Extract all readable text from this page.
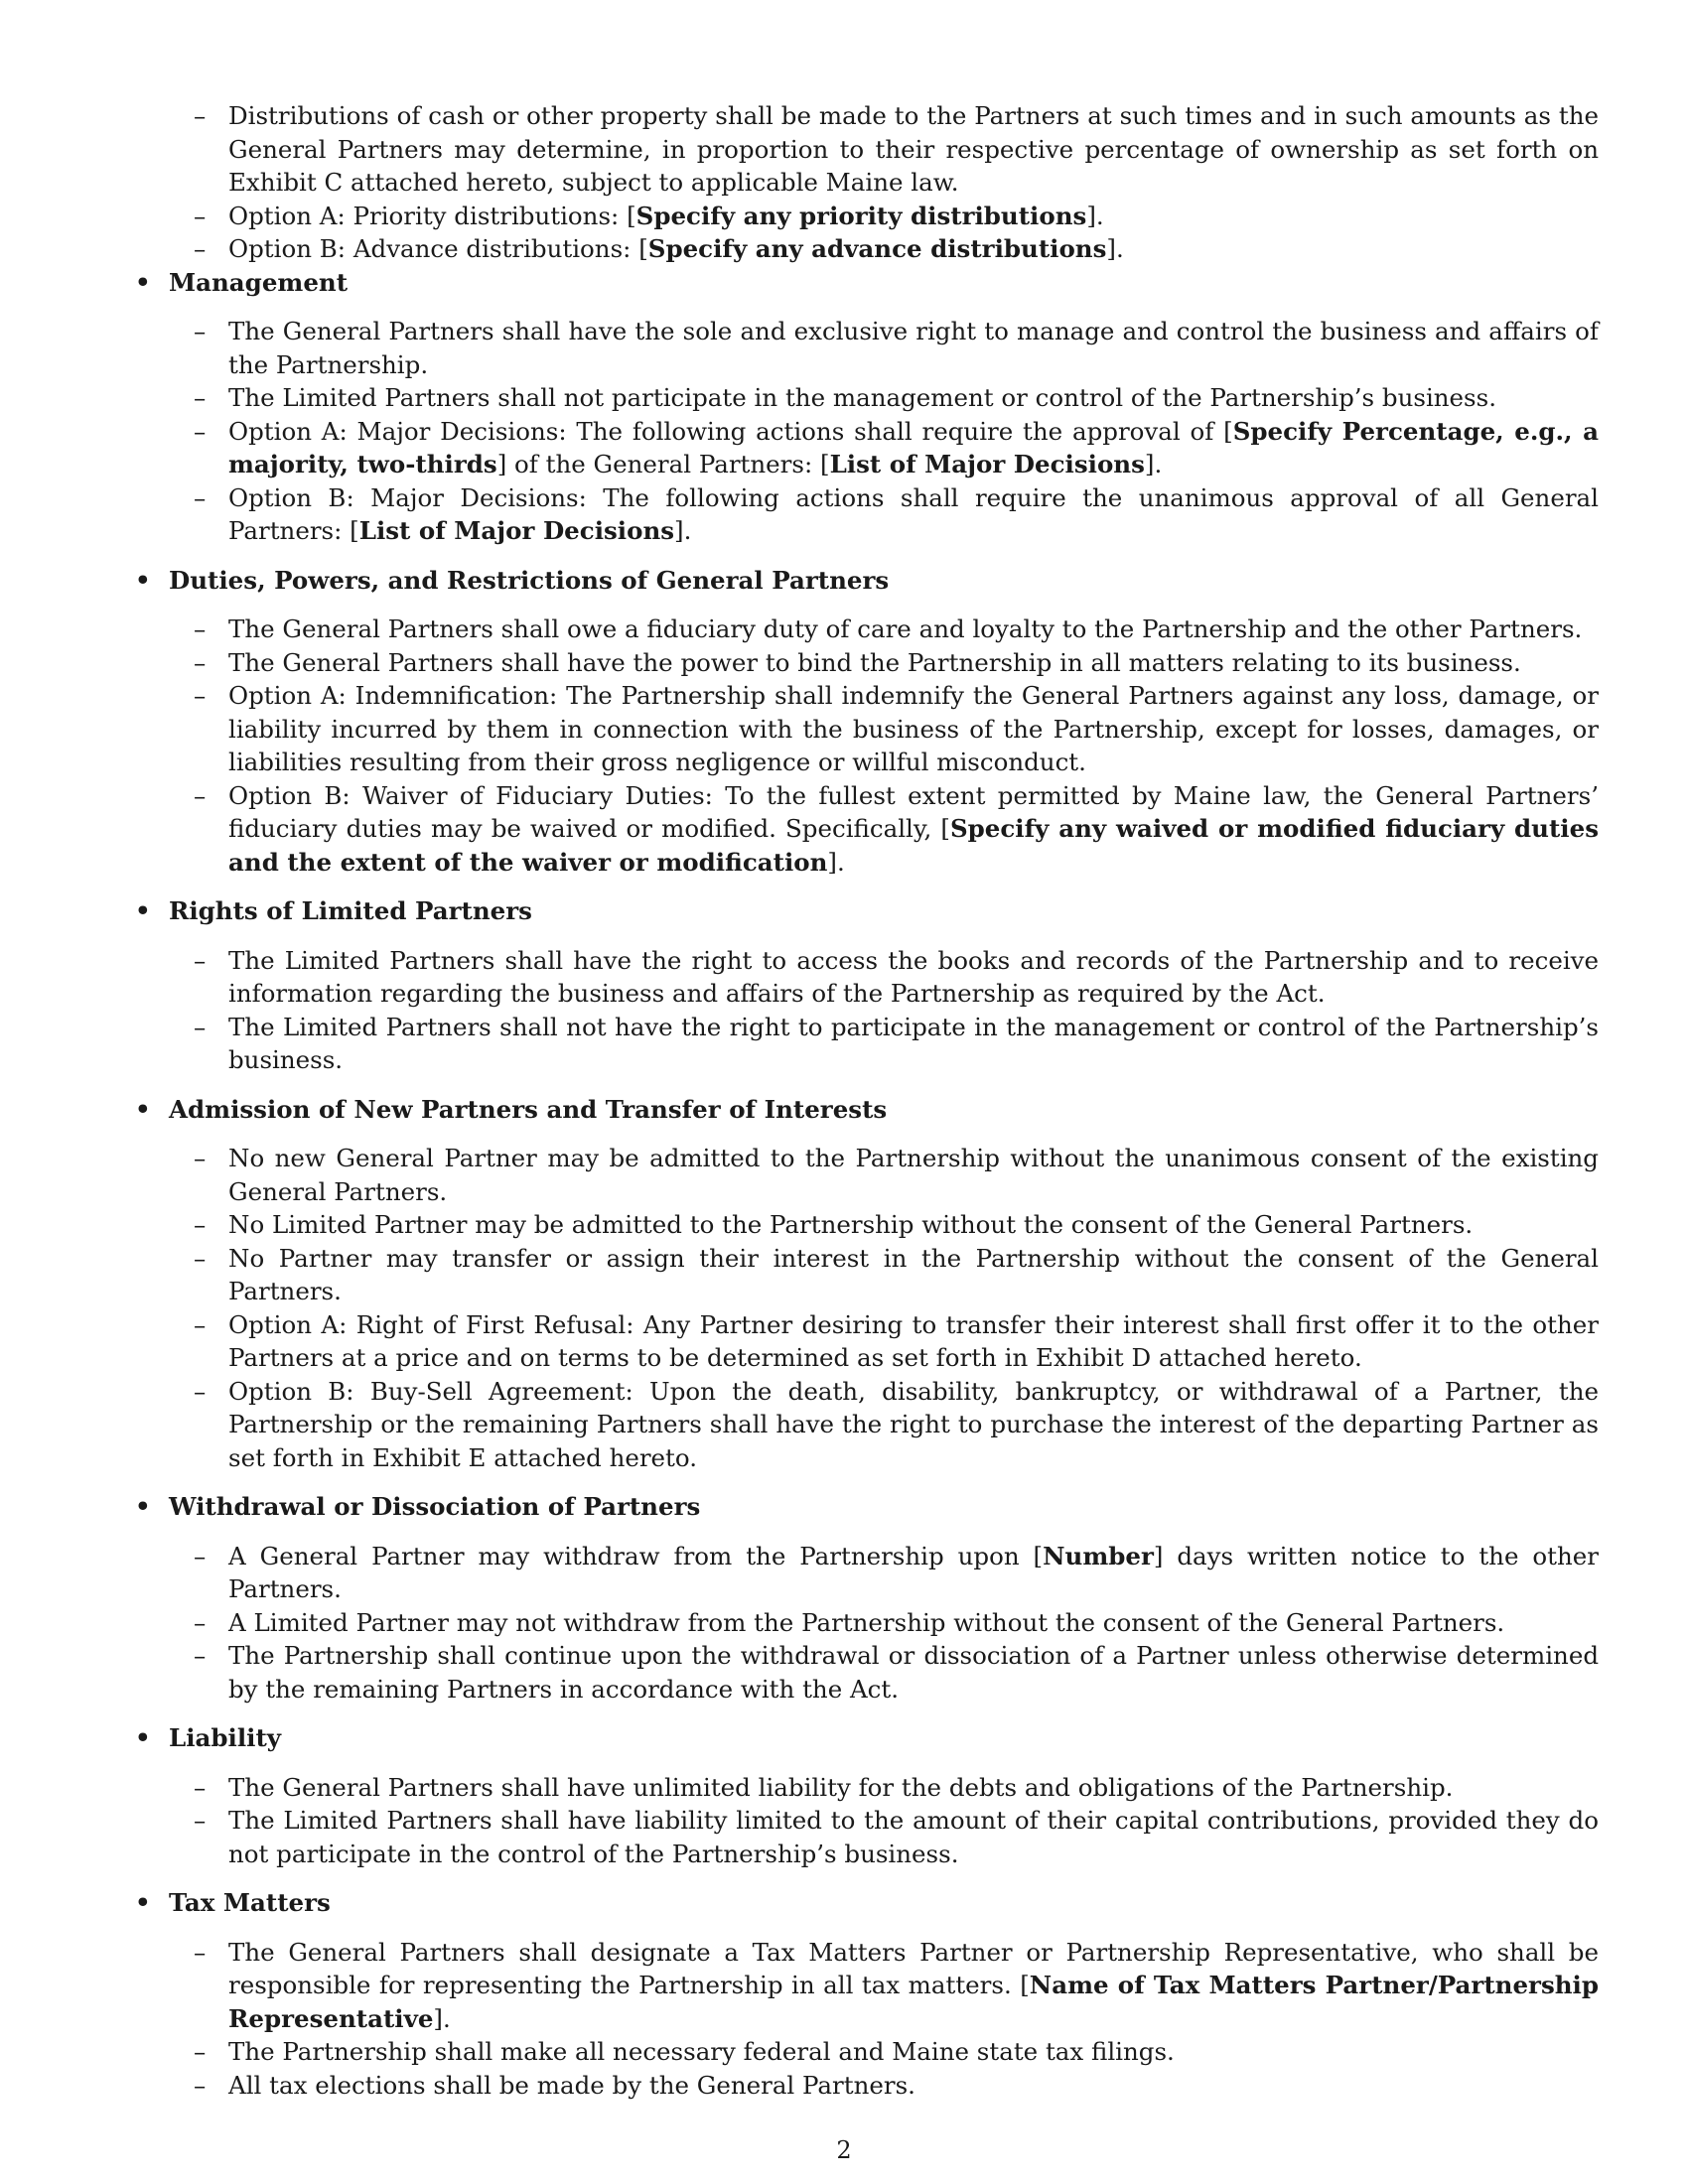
– Distributions of cash or other property shall be made to the Partners at such times and in such amounts as the General Partners may determine, in proportion to their respective percentage of ownership as set forth on Exhibit C attached hereto, subject to applicable Maine law.
– Option A: Priority distributions: [Specify any priority distributions].
– Option B: Advance distributions: [Specify any advance distributions].
• Management
– The General Partners shall have the sole and exclusive right to manage and control the business and affairs of the Partnership.
– The Limited Partners shall not participate in the management or control of the Partnership’s business.
– Option A: Major Decisions: The following actions shall require the approval of [Specify Percentage, e.g., a majority, two-thirds] of the General Partners: [List of Major Decisions].
– Option B: Major Decisions: The following actions shall require the unanimous approval of all General Partners: [List of Major Decisions].
• Duties, Powers, and Restrictions of General Partners
– The General Partners shall owe a fiduciary duty of care and loyalty to the Partnership and the other Partners.
– The General Partners shall have the power to bind the Partnership in all matters relating to its business.
– Option A: Indemnification: The Partnership shall indemnify the General Partners against any loss, damage, or liability incurred by them in connection with the business of the Partnership, except for losses, damages, or liabilities resulting from their gross negligence or willful misconduct.
– Option B: Waiver of Fiduciary Duties: To the fullest extent permitted by Maine law, the General Partners’ fiduciary duties may be waived or modified. Specifically, [Specify any waived or modified fiduciary duties and the extent of the waiver or modification].
• Rights of Limited Partners
– The Limited Partners shall have the right to access the books and records of the Partnership and to receive information regarding the business and affairs of the Partnership as required by the Act.
– The Limited Partners shall not have the right to participate in the management or control of the Partnership’s business.
• Admission of New Partners and Transfer of Interests
– No new General Partner may be admitted to the Partnership without the unanimous consent of the existing General Partners.
– No Limited Partner may be admitted to the Partnership without the consent of the General Partners.
– No Partner may transfer or assign their interest in the Partnership without the consent of the General Partners.
– Option A: Right of First Refusal: Any Partner desiring to transfer their interest shall first offer it to the other Partners at a price and on terms to be determined as set forth in Exhibit D attached hereto.
– Option B: Buy-Sell Agreement: Upon the death, disability, bankruptcy, or withdrawal of a Partner, the Partnership or the remaining Partners shall have the right to purchase the interest of the departing Partner as set forth in Exhibit E attached hereto.
• Withdrawal or Dissociation of Partners
– A General Partner may withdraw from the Partnership upon [Number] days written notice to the other Partners.
– A Limited Partner may not withdraw from the Partnership without the consent of the General Partners.
– The Partnership shall continue upon the withdrawal or dissociation of a Partner unless otherwise determined by the remaining Partners in accordance with the Act.
• Liability
– The General Partners shall have unlimited liability for the debts and obligations of the Partnership.
– The Limited Partners shall have liability limited to the amount of their capital contributions, provided they do not participate in the control of the Partnership’s business.
• Tax Matters
– The General Partners shall designate a Tax Matters Partner or Partnership Representative, who shall be responsible for representing the Partnership in all tax matters. [Name of Tax Matters Partner/Partnership Representative].
– The Partnership shall make all necessary federal and Maine state tax filings.
– All tax elections shall be made by the General Partners.
2
